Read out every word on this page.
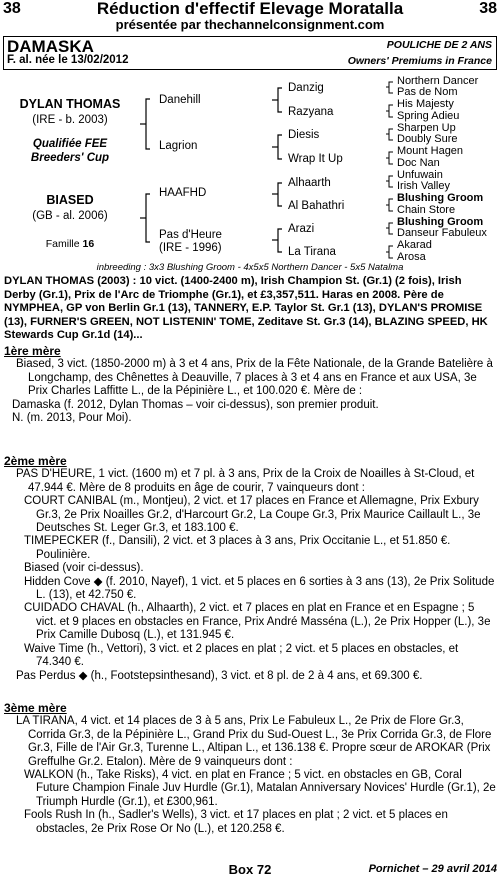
38	Réduction d'effectif Elevage Moratalla	38
présentée par thechannelconsignment.com
DAMASKA	POULICHE DE 2 ANS
F. al. née le 13/02/2012	Owners' Premiums in France
DYLAN THOMAS
(IRE - b. 2003)
Qualifiée FEE
Breeders' Cup
BIASED
(GB - al. 2006)
Famille 16
Danehill
Lagrion
HAAFHD
Pas d'Heure
(IRE - 1996)
Danzig
Razyana
Diesis
Wrap It Up
Alhaarth
Al Bahathri
Arazi
La Tirana
Northern Dancer
Pas de Nom
His Majesty
Spring Adieu
Sharpen Up
Doubly Sure
Mount Hagen
Doc Nan
Unfuwain
Irish Valley
Blushing Groom
Chain Store
Blushing Groom
Danseur Fabuleux
Akarad
Arosa
inbreeding : 3x3 Blushing Groom - 4x5x5 Northern Dancer - 5x5 Natalma
DYLAN THOMAS (2003) : 10 vict. (1400-2400 m), Irish Champion St. (Gr.1) (2 fois), Irish Derby (Gr.1), Prix de l'Arc de Triomphe (Gr.1), et £3,357,511. Haras en 2008. Père de NYMPHEA, GP von Berlin Gr.1 (13), TANNERY, E.P. Taylor St. Gr.1 (13), DYLAN'S PROMISE (13), FURNER'S GREEN, NOT LISTENIN' TOME, Zeditave St. Gr.3 (14), BLAZING SPEED, HK Stewards Cup Gr.1d (14)...

1ère mère

Biased, 3 vict. (1850-2000 m) à 3 et 4 ans, Prix de la Fête Nationale, de la Grande Batelière à Longchamp, des Chênettes à Deauville, 7 places à 3 et 4 ans en France et aux USA, 3e Prix Charles Laffitte L., de la Pépinière L., et 100.020 €. Mère de :

Damaska (f. 2012, Dylan Thomas – voir ci-dessus), son premier produit.

N. (m. 2013, Pour Moi).

2ème mère

PAS D'HEURE, 1 vict. (1600 m) et 7 pl. à 3 ans, Prix de la Croix de Noailles à St-Cloud, et 47.944 €. Mère de 8 produits en âge de courir, 7 vainqueurs dont :

COURT CANIBAL (m., Montjeu), 2 vict. et 17 places en France et Allemagne, Prix Exbury Gr.3, 2e Prix Noailles Gr.2, d'Harcourt Gr.2, La Coupe Gr.3, Prix Maurice Caillault L., 3e Deutsches St. Leger Gr.3, et 183.100 €.

TIMEPECKER (f., Dansili), 2 vict. et 3 places à 3 ans, Prix Occitanie L., et 51.850 €. Poulinière.

Biased (voir ci-dessus).

Hidden Cove ◆ (f. 2010, Nayef), 1 vict. et 5 places en 6 sorties à 3 ans (13), 2e Prix Solitude L. (13), et 42.750 €.

CUIDADO CHAVAL (h., Alhaarth), 2 vict. et 7 places en plat en France et en Espagne ; 5 vict. et 9 places en obstacles en France, Prix André Masséna (L.), 2e Prix Hopper (L.), 3e Prix Camille Dubosq (L.), et 131.945 €.

Waive Time (h., Vettori), 3 vict. et 2 places en plat ; 2 vict. et 5 places en obstacles, et 74.340 €.

Pas Perdus ◆ (h., Footstepsinthesand), 3 vict. et 8 pl. de 2 à 4 ans, et 69.300 €.

3ème mère

LA TIRANA, 4 vict. et 14 places de 3 à 5 ans, Prix Le Fabuleux L., 2e Prix de Flore Gr.3, Corrida Gr.3, de la Pépinière L., Grand Prix du Sud-Ouest L., 3e Prix Corrida Gr.3, de Flore Gr.3, Fille de l'Air Gr.3, Turenne L., Altipan L., et 136.138 €. Propre sœur de AROKAR (Prix Greffulhe Gr.2. Etalon). Mère de 9 vainqueurs dont :

WALKON (h., Take Risks), 4 vict. en plat en France ; 5 vict. en obstacles en GB, Coral Future Champion Finale Juv Hurdle (Gr.1), Matalan Anniversary Novices' Hurdle (Gr.1), 2e Triumph Hurdle (Gr.1), et £300,961.

Fools Rush In (h., Sadler's Wells), 3 vict. et 17 places en plat ; 2 vict. et 5 places en obstacles, 2e Prix Rose Or No (L.), et 120.258 €.

Box 72	Pornichet – 29 avril 2014
